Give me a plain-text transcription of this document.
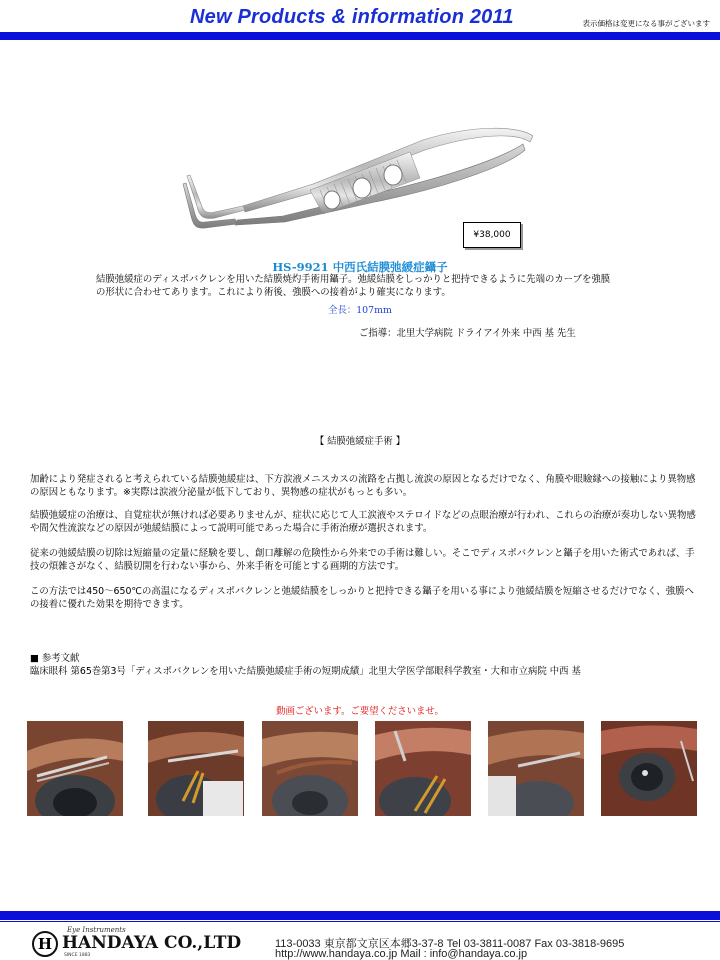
New Products & information 2011	表示価格は変更になる事がございます
¥38,000
HS-9921 中西氏結膜弛緩症鑷子
結膜弛緩症のディスポバクレンを用いた結膜焼灼手術用鑷子。弛緩結膜をしっかりと把持できるように先端のカーブを強膜の形状に合わせてあります。これにより術後、強膜への接着がより確実になります。
全長：107mm
ご指導：北里大学病院 ドライアイ外来 中西 基 先生
【 結膜弛緩症手術 】
加齢により発症されると考えられている結膜弛緩症は、下方涙液メニスカスの流路を占拠し流涙の原因となるだけでなく、角膜や眼瞼縁への接触により異物感の原因ともなります。※実際は涙液分泌量が低下しており、異物感の症状がもっとも多い。
結膜弛緩症の治療は、自覚症状が無ければ必要ありませんが、症状に応じて人工涙液やステロイドなどの点眼治療が行われ、これらの治療が奏功しない異物感や間欠性流涙などの原因が弛緩結膜によって説明可能であった場合に手術治療が選択されます。
従来の弛緩結膜の切除は短縮量の定量に経験を要し、創口離解の危険性から外来での手術は難しい。そこでディスポバクレンと鑷子を用いた術式であれば、手技の煩雑さがなく、結膜切開を行わない事から、外来手術を可能とする画期的方法です。
この方法では450～650℃の高温になるディスポバクレンと弛緩結膜をしっかりと把持できる鑷子を用いる事により弛緩結膜を短縮させるだけでなく、強膜への接着に優れた効果を期待できます。
■ 参考文献
臨床眼科 第65巻第3号「ディスポバクレンを用いた結膜弛緩症手術の短期成績」北里大学医学部眼科学教室・大和市立病院 中西 基
動画ございます。ご要望くださいませ。
Eye Instruments
H HANDAYA CO.,LTD
SINCE 1883
113-0033 東京都文京区本郷3-37-8 Tel 03-3811-0087 Fax 03-3818-9695
http://www.handaya.co.jp Mail : info@handaya.co.jp
